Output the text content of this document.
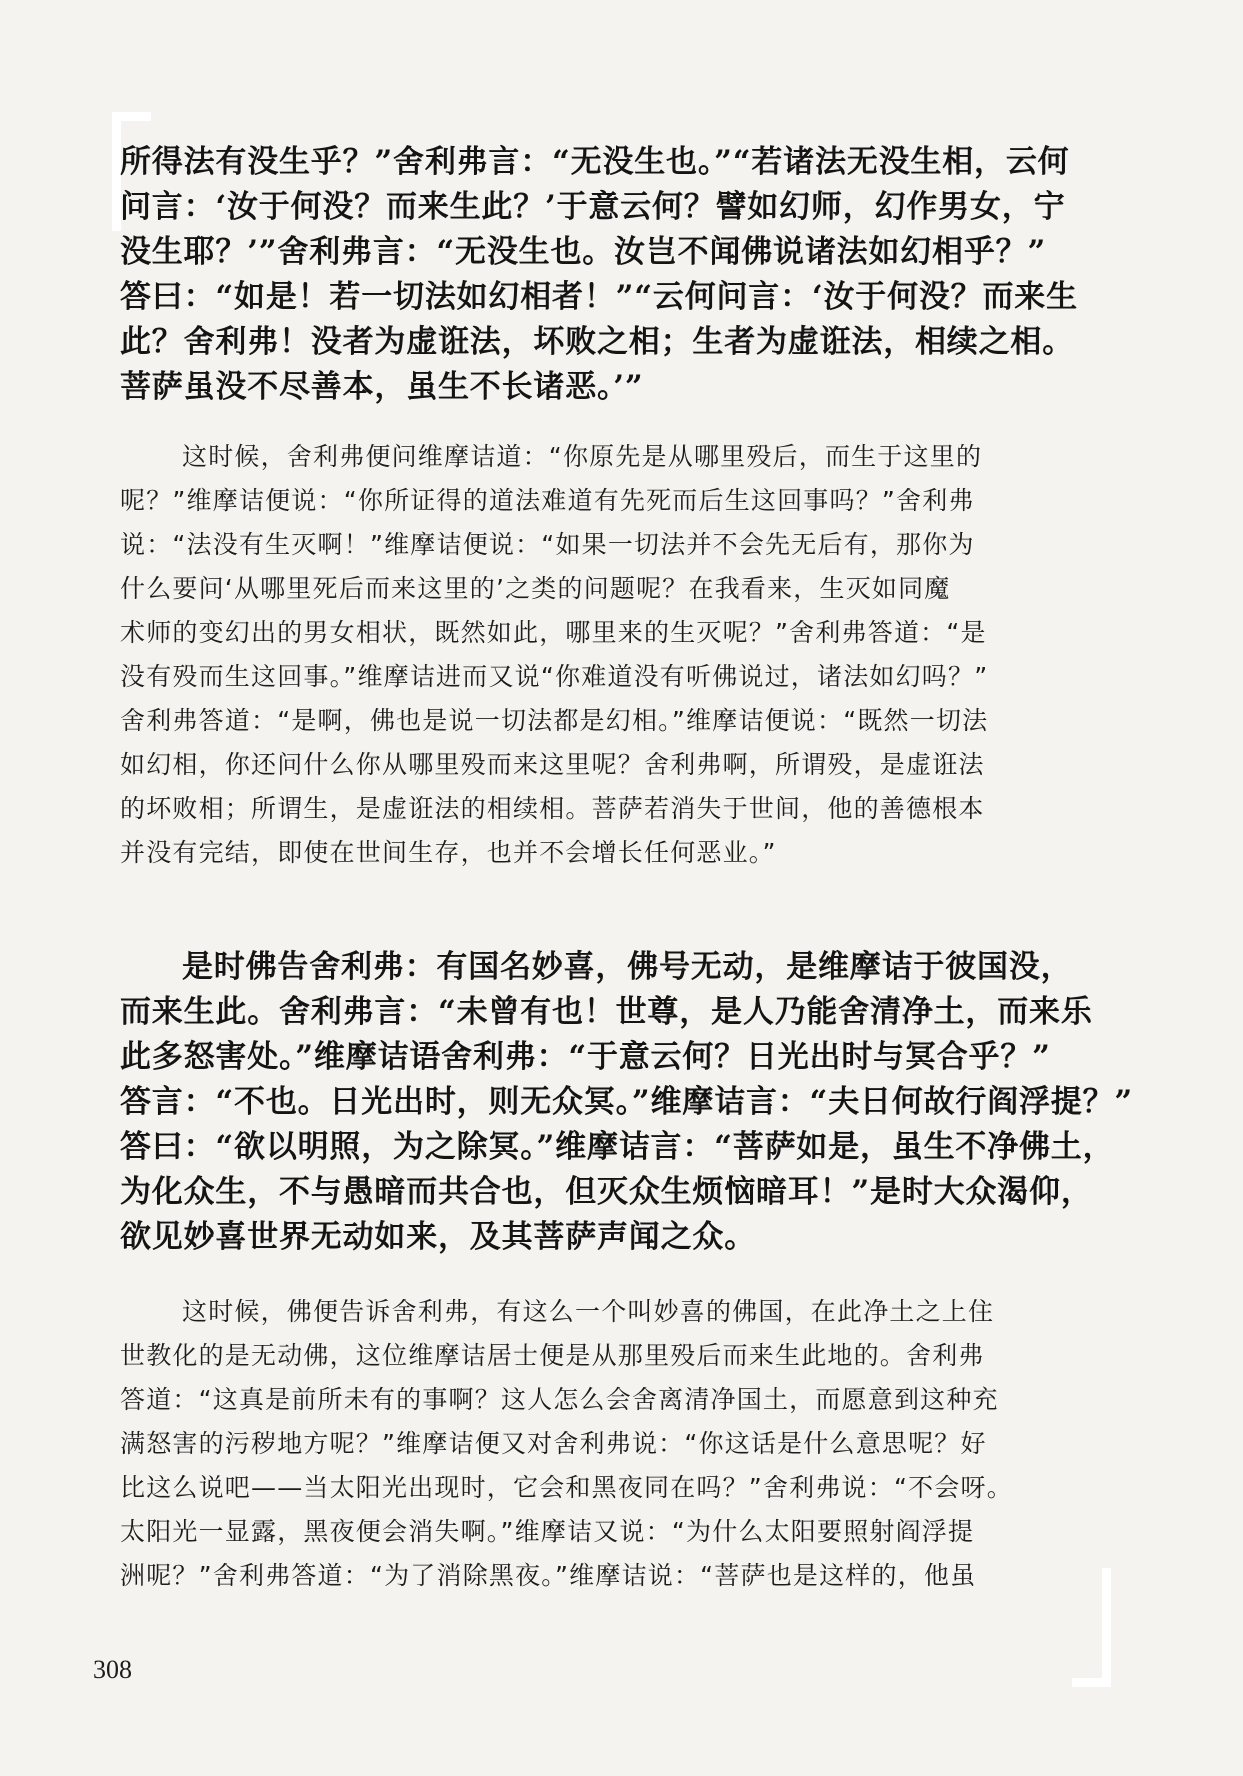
所得法有没生乎？”舍利弗言：“无没生也。”“若诸法无没生相，云何
问言：‘汝于何没？而来生此？’于意云何？譬如幻师，幻作男女，宁
没生耶？’”舍利弗言：“无没生也。汝岂不闻佛说诸法如幻相乎？”
答曰：“如是！若一切法如幻相者！”“云何问言：‘汝于何没？而来生
此？舍利弗！没者为虚诳法，坏败之相；生者为虚诳法，相续之相。
菩萨虽没不尽善本，虽生不长诸恶。’”
这时候，舍利弗便问维摩诘道：“你原先是从哪里殁后，而生于这里的
呢？”维摩诘便说：“你所证得的道法难道有先死而后生这回事吗？”舍利弗
说：“法没有生灭啊！”维摩诘便说：“如果一切法并不会先无后有，那你为
什么要问‘从哪里死后而来这里的’之类的问题呢？在我看来，生灭如同魔
术师的变幻出的男女相状，既然如此，哪里来的生灭呢？”舍利弗答道：“是
没有殁而生这回事。”维摩诘进而又说“你难道没有听佛说过，诸法如幻吗？”
舍利弗答道：“是啊，佛也是说一切法都是幻相。”维摩诘便说：“既然一切法
如幻相，你还问什么你从哪里殁而来这里呢？舍利弗啊，所谓殁，是虚诳法
的坏败相；所谓生，是虚诳法的相续相。菩萨若消失于世间，他的善德根本
并没有完结，即使在世间生存，也并不会增长任何恶业。”
是时佛告舍利弗：有国名妙喜，佛号无动，是维摩诘于彼国没，
而来生此。舍利弗言：“未曾有也！世尊，是人乃能舍清净土，而来乐
此多怒害处。”维摩诘语舍利弗：“于意云何？日光出时与冥合乎？”
答言：“不也。日光出时，则无众冥。”维摩诘言：“夫日何故行阎浮提？”
答曰：“欲以明照，为之除冥。”维摩诘言：“菩萨如是，虽生不净佛土，
为化众生，不与愚暗而共合也，但灭众生烦恼暗耳！”是时大众渴仰，
欲见妙喜世界无动如来，及其菩萨声闻之众。
这时候，佛便告诉舍利弗，有这么一个叫妙喜的佛国，在此净土之上住
世教化的是无动佛，这位维摩诘居士便是从那里殁后而来生此地的。舍利弗
答道：“这真是前所未有的事啊？这人怎么会舍离清净国土，而愿意到这种充
满怒害的污秽地方呢？”维摩诘便又对舍利弗说：“你这话是什么意思呢？好
比这么说吧——当太阳光出现时，它会和黑夜同在吗？”舍利弗说：“不会呀。
太阳光一显露，黑夜便会消失啊。”维摩诘又说：“为什么太阳要照射阎浮提
洲呢？”舍利弗答道：“为了消除黑夜。”维摩诘说：“菩萨也是这样的，他虽
308
